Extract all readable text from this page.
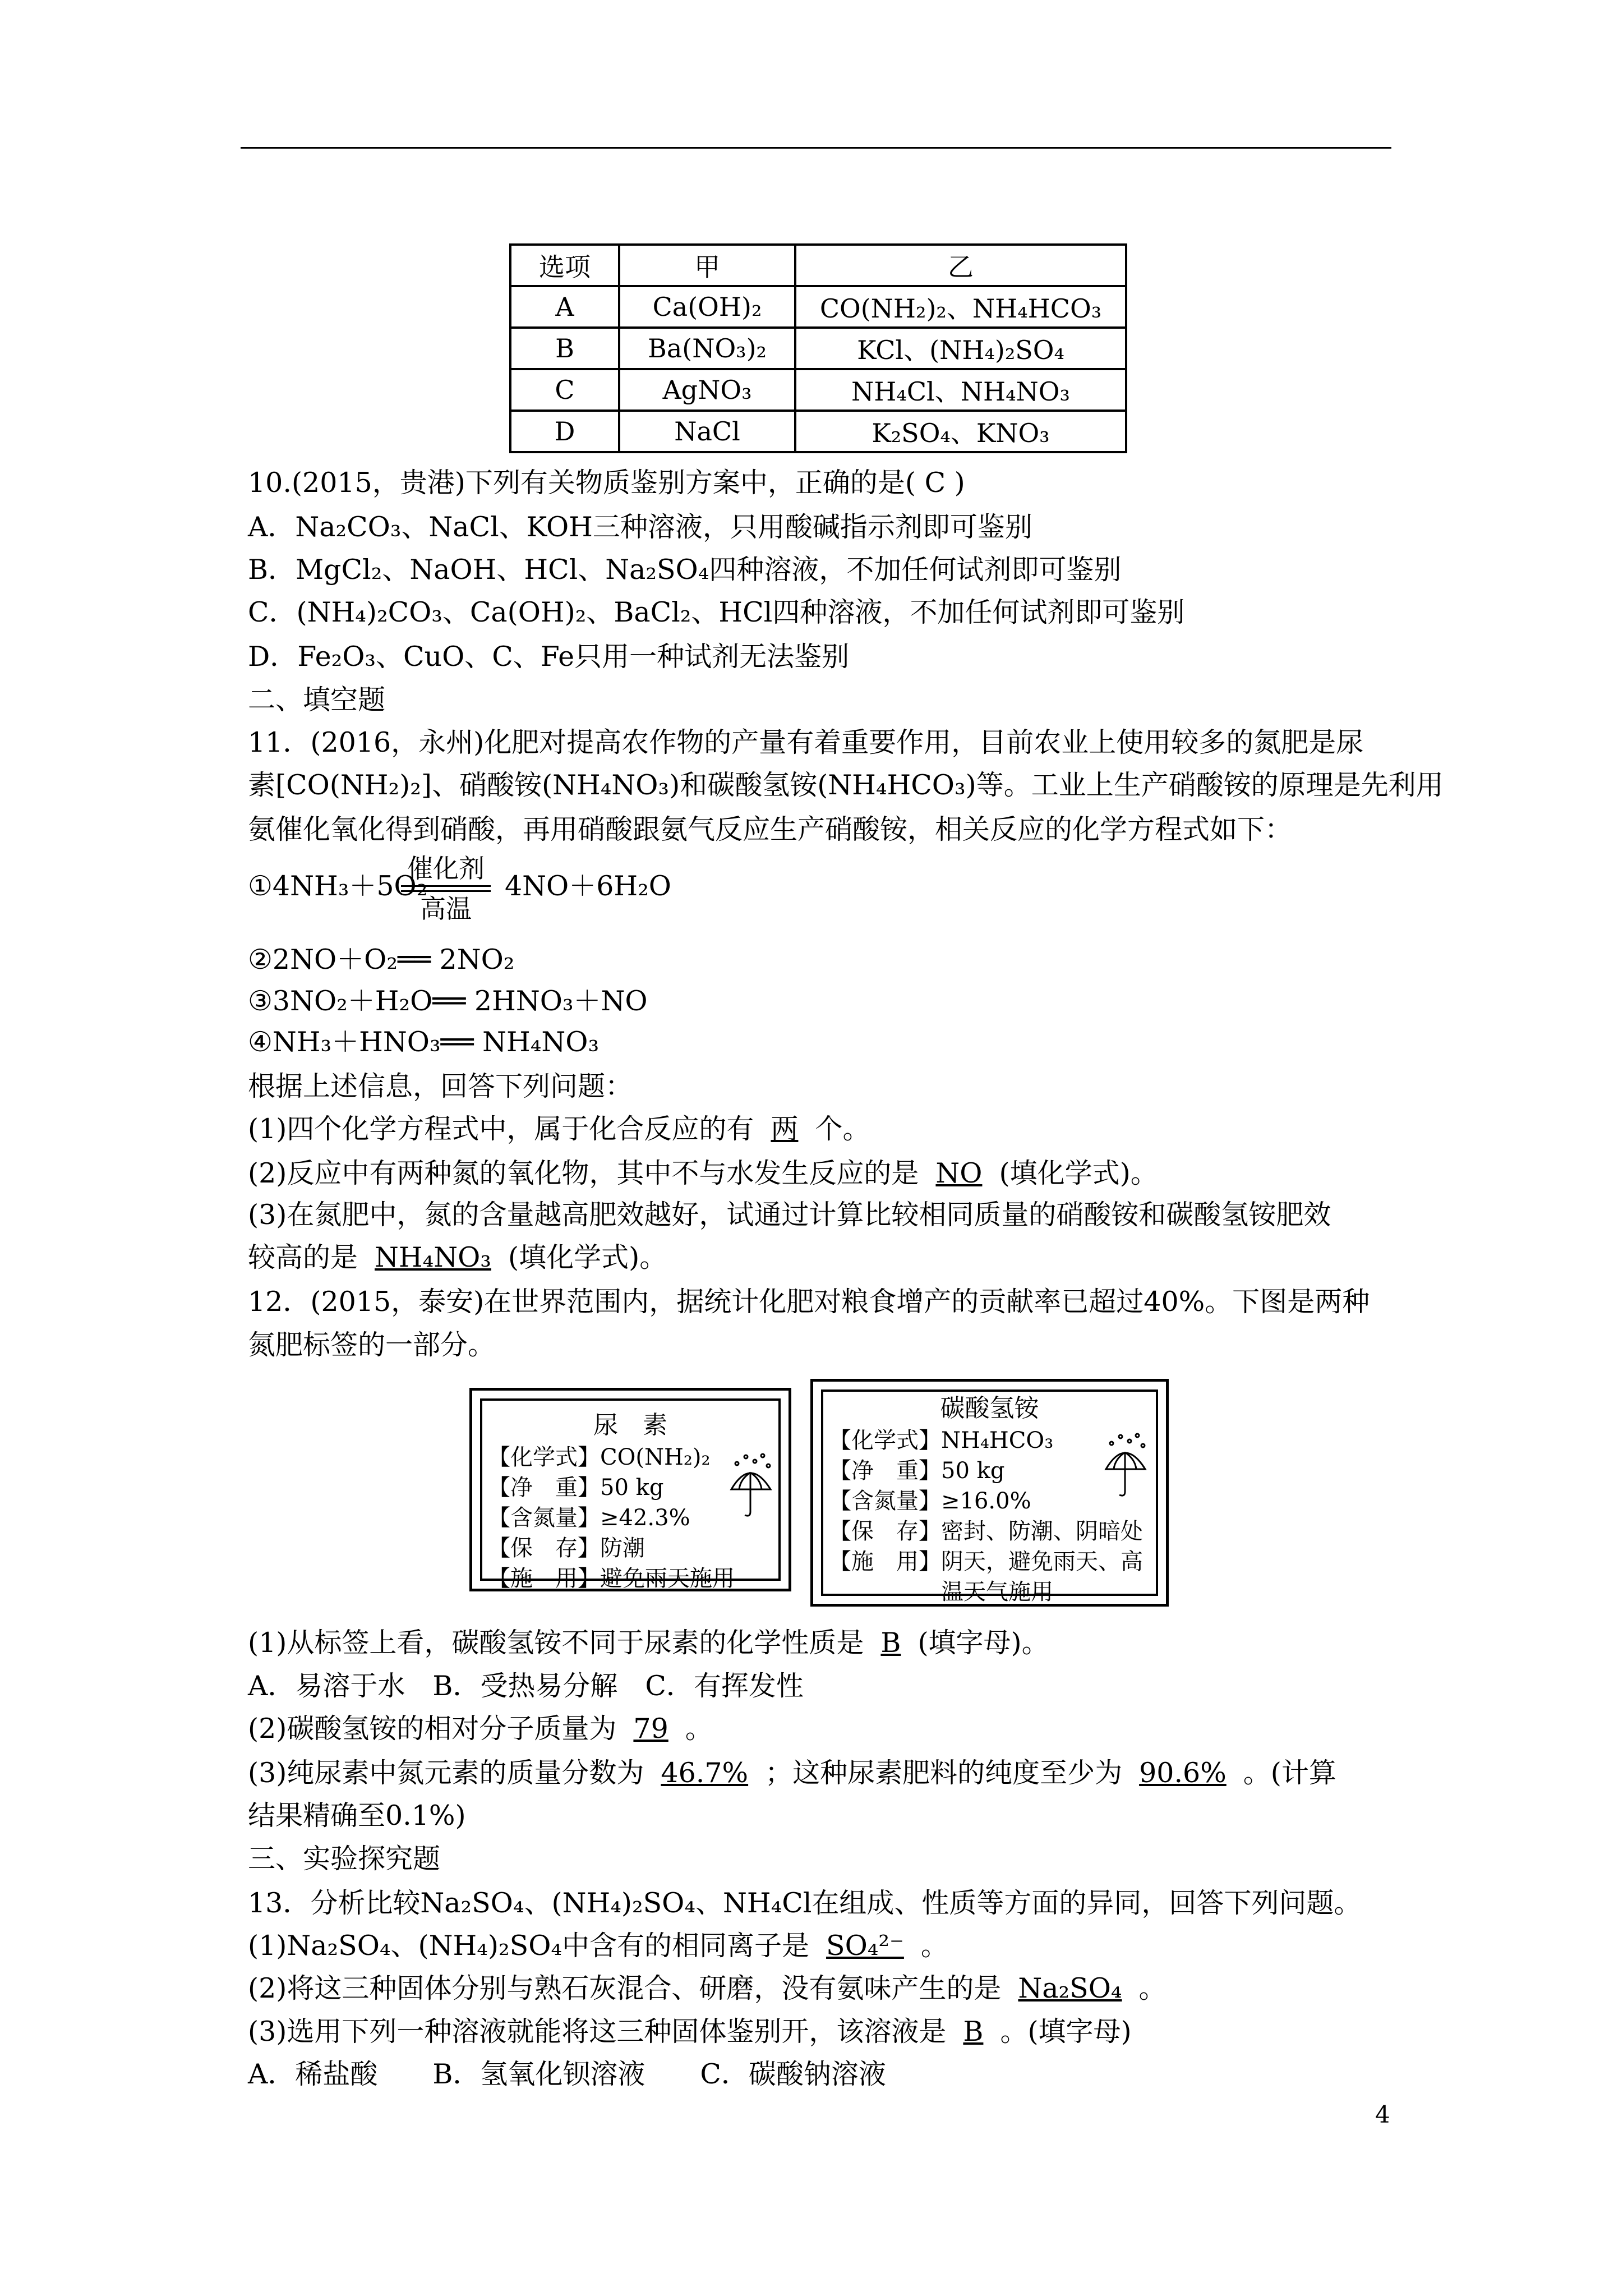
选项	甲	乙
A	Ca(OH)₂	CO(NH₂)₂、NH₄HCO₃
B	Ba(NO₃)₂	KCl、(NH₄)₂SO₄
C	AgNO₃	NH₄Cl、NH₄NO₃
D	NaCl	K₂SO₄、KNO₃
10.(2015，贵港)下列有关物质鉴别方案中，正确的是( C )
A．Na₂CO₃、NaCl、KOH三种溶液，只用酸碱指示剂即可鉴别
B．MgCl₂、NaOH、HCl、Na₂SO₄四种溶液，不加任何试剂即可鉴别
C．(NH₄)₂CO₃、Ca(OH)₂、BaCl₂、HCl四种溶液，不加任何试剂即可鉴别
D．Fe₂O₃、CuO、C、Fe只用一种试剂无法鉴别
二、填空题
11．(2016，永州)化肥对提高农作物的产量有着重要作用，目前农业上使用较多的氮肥是尿
素[CO(NH₂)₂]、硝酸铵(NH₄NO₃)和碳酸氢铵(NH₄HCO₃)等。工业上生产硝酸铵的原理是先利用
氨催化氧化得到硝酸，再用硝酸跟氨气反应生产硝酸铵，相关反应的化学方程式如下：
①4NH₃＋5O₂
催化剂
高温
4NO＋6H₂O
②2NO＋O₂══ 2NO₂
③3NO₂＋H₂O══ 2HNO₃＋NO
④NH₃＋HNO₃══ NH₄NO₃
根据上述信息，回答下列问题：
(1)四个化学方程式中，属于化合反应的有 两 个。
(2)反应中有两种氮的氧化物，其中不与水发生反应的是 NO (填化学式)。
(3)在氮肥中，氮的含量越高肥效越好，试通过计算比较相同质量的硝酸铵和碳酸氢铵肥效
较高的是 NH₄NO₃ (填化学式)。
12．(2015，泰安)在世界范围内，据统计化肥对粮食增产的贡献率已超过40%。下图是两种
氮肥标签的一部分。
尿　素
【化学式】CO(NH₂)₂
【净　重】50 kg
【含氮量】≥42.3%
【保　存】防潮
【施　用】避免雨天施用
碳酸氢铵
【化学式】NH₄HCO₃
【净　重】50 kg
【含氮量】≥16.0%
【保　存】密封、防潮、阴暗处
【施　用】阴天，避免雨天、高
　　　　　温天气施用
(1)从标签上看，碳酸氢铵不同于尿素的化学性质是 B (填字母)。
A．易溶于水　B．受热易分解　C．有挥发性
(2)碳酸氢铵的相对分子质量为 79 。
(3)纯尿素中氮元素的质量分数为 46.7% ；这种尿素肥料的纯度至少为 90.6% 。(计算
结果精确至0.1%)
三、实验探究题
13．分析比较Na₂SO₄、(NH₄)₂SO₄、NH₄Cl在组成、性质等方面的异同，回答下列问题。
(1)Na₂SO₄、(NH₄)₂SO₄中含有的相同离子是 SO₄²⁻ 。
(2)将这三种固体分别与熟石灰混合、研磨，没有氨味产生的是 Na₂SO₄ 。
(3)选用下列一种溶液就能将这三种固体鉴别开，该溶液是 B 。(填字母)
A．稀盐酸　　B．氢氧化钡溶液　　C．碳酸钠溶液
4
